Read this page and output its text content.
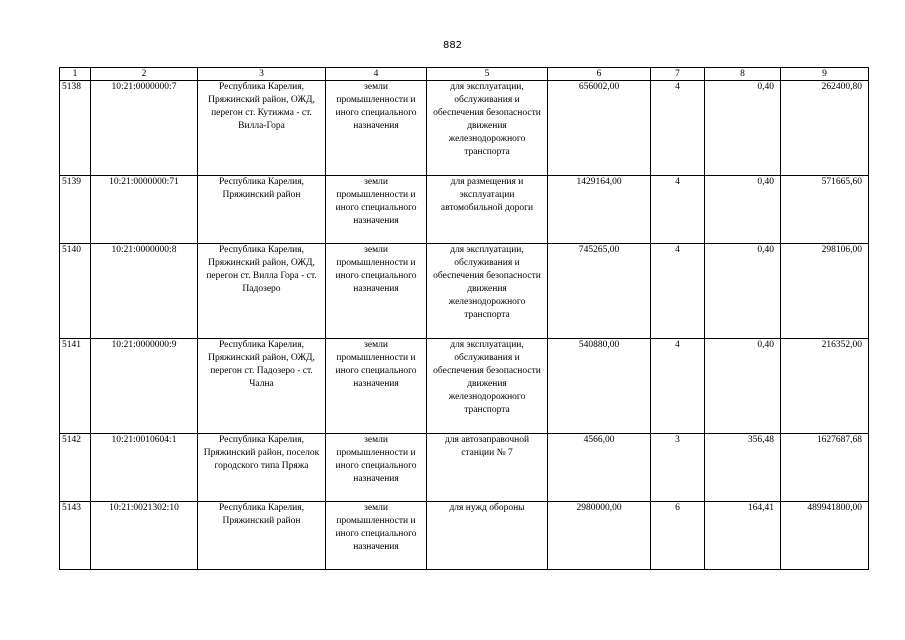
882
1	2	3	4	5	6	7	8	9
5138	10:21:0000000:7	Республика Карелия, Пряжинский район, ОЖД, перегон ст. Кутижма - ст. Вилла-Гора	земли промышленности и иного специального назначения	для эксплуатации, обслуживания и обеспечения безопасности движения железнодорожного транспорта	656002,00	4	0,40	262400,80
5139	10:21:0000000:71	Республика Карелия, Пряжинский район	земли промышленности и иного специального назначения	для размещения и эксплуатации автомобильной дороги	1429164,00	4	0,40	571665,60
5140	10:21:0000000:8	Республика Карелия, Пряжинский район, ОЖД, перегон ст. Вилла Гора - ст. Падозеро	земли промышленности и иного специального назначения	для эксплуатации, обслуживания и обеспечения безопасности движения железнодорожного транспорта	745265,00	4	0,40	298106,00
5141	10:21:0000000:9	Республика Карелия, Пряжинский район, ОЖД, перегон ст. Падозеро - ст. Чална	земли промышленности и иного специального назначения	для эксплуатации, обслуживания и обеспечения безопасности движения железнодорожного транспорта	540880,00	4	0,40	216352,00
5142	10:21:0010604:1	Республика Карелия, Пряжинский район, поселок городского типа Пряжа	земли промышленности и иного специального назначения	для автозаправочной станции № 7	4566,00	3	356,48	1627687,68
5143	10:21:0021302:10	Республика Карелия, Пряжинский район	земли промышленности и иного специального назначения	для нужд обороны	2980000,00	6	164,41	489941800,00
